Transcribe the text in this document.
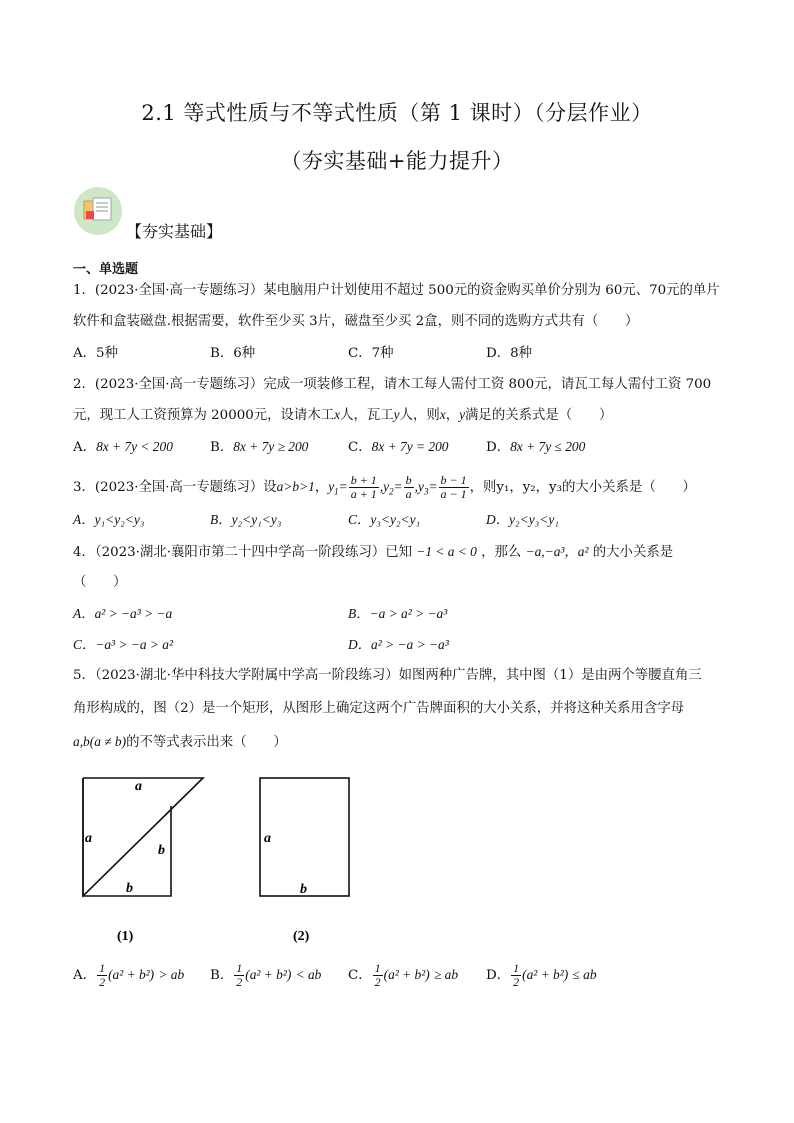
2.1 等式性质与不等式性质（第 1 课时）（分层作业）
（夯实基础+能力提升）
【夯实基础】
一、单选题
1．(2023·全国·高一专题练习）某电脑用户计划使用不超过 500元的资金购买单价分别为 60元、70元的单片
软件和盒装磁盘.根据需要，软件至少买 3片，磁盘至少买 2盒，则不同的选购方式共有（　　）
A．5种	B．6种	C．7种	D．8种
2．(2023·全国·高一专题练习）完成一项装修工程，请木工每人需付工资 800元，请瓦工每人需付工资 700
元，现工人工资预算为 20000元，设请木工x人，瓦工y人，则x，y满足的关系式是（　　）
A．8x + 7y < 200	B．8x + 7y ≥ 200	C．8x + 7y = 200	D．8x + 7y ≤ 200
3．(2023·全国·高一专题练习）设a>b>1，$y_1= \frac{b + 1}{a + 1} ,y_2= \frac{b}{a} ,y_3= \frac{b - 1}{a - 1}$ ，则y₁，y₂，y₃的大小关系是（　　）
A．y₁<y₂<y₃	B．y₂<y₁<y₃	C．y₃<y₂<y₁	D．y₂<y₃<y₁
4．（2023·湖北·襄阳市第二十四中学高一阶段练习）已知 −1 < a < 0 ，那么 −a,−a³，a² 的大小关系是
（　　）
A．a² > −a³ > −a	B．−a > a² > −a³
C．−a³ > −a > a²	D．a² > −a > −a³
5．（2023·湖北·华中科技大学附属中学高一阶段练习）如图两种广告牌，其中图（1）是由两个等腰直角三
角形构成的，图（2）是一个矩形，从图形上确定这两个广告牌面积的大小关系，并将这种关系用含字母
a,b(a ≠ b)的不等式表示出来（　　）
a
a
b
b
a
b
(1)	(2)
A． $\frac{1}{2} (a^2 + b^2)$ > ab B． $\frac{1}{2} (a^2 + b^2)$ < ab C． $\frac{1}{2} (a^2 + b^2)$ ≥ ab D． $\frac{1}{2} (a^2 + b^2)$ ≤ ab
